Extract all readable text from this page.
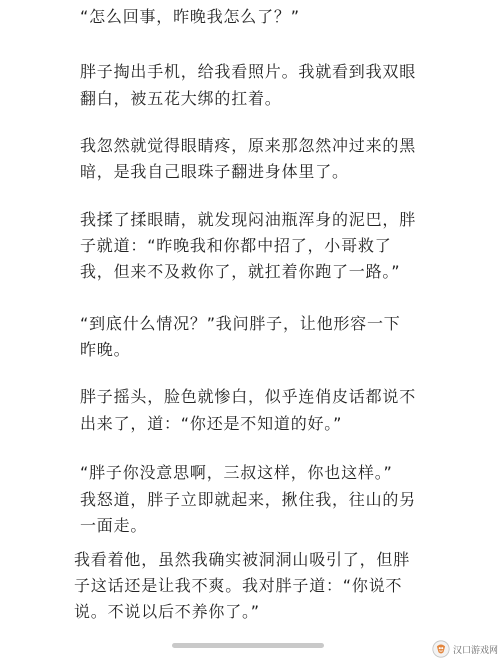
“怎么回事，昨晚我怎么了？”
胖子掏出手机，给我看照片。我就看到我双眼
翻白，被五花大绑的扛着。
我忽然就觉得眼睛疼，原来那忽然冲过来的黑
暗，是我自己眼珠子翻进身体里了。
我揉了揉眼睛，就发现闷油瓶浑身的泥巴，胖
子就道：“昨晚我和你都中招了，小哥救了
我，但来不及救你了，就扛着你跑了一路。”
“到底什么情况？”我问胖子，让他形容一下
昨晚。
胖子摇头，脸色就惨白，似乎连俏皮话都说不
出来了，道：“你还是不知道的好。”
“胖子你没意思啊，三叔这样，你也这样。”
我怒道，胖子立即就起来，揪住我，往山的另
一面走。
我看着他，虽然我确实被洞洞山吸引了，但胖
子这话还是让我不爽。我对胖子道：“你说不
说。不说以后不养你了。”
汉口游戏网
